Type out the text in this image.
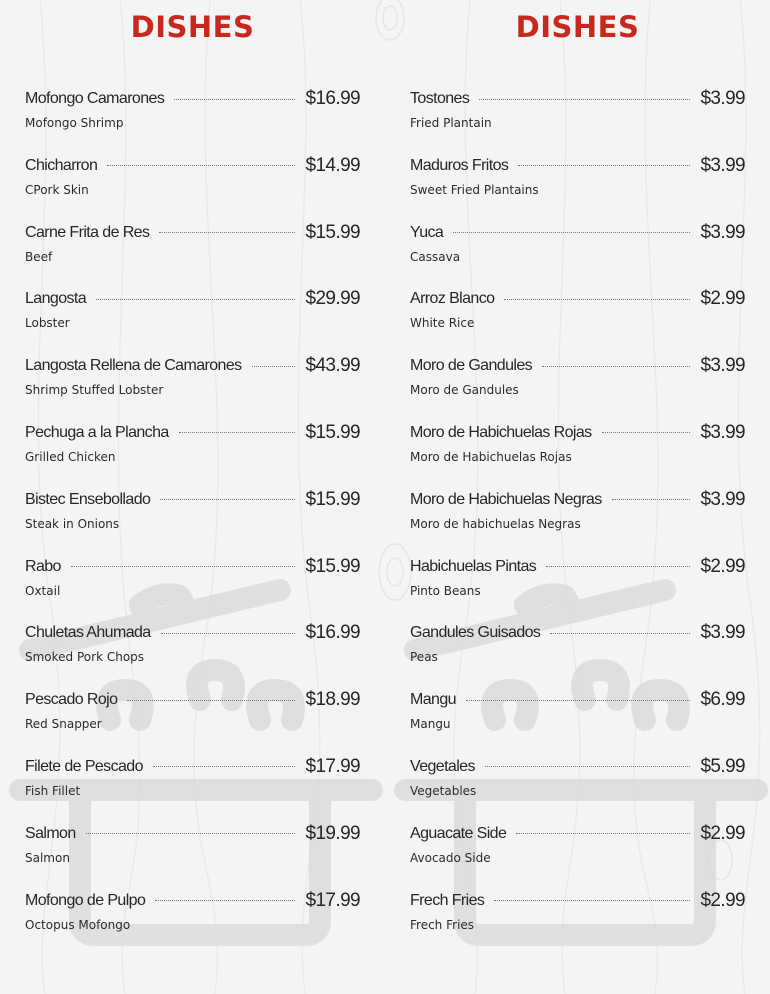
DISHES
Mofongo Camarones	$16.99
Mofongo Shrimp
Chicharron	$14.99
CPork Skin
Carne Frita de Res	$15.99
Beef
Langosta	$29.99
Lobster
Langosta Rellena de Camarones	$43.99
Shrimp Stuffed Lobster
Pechuga a la Plancha	$15.99
Grilled Chicken
Bistec Ensebollado	$15.99
Steak in Onions
Rabo	$15.99
Oxtail
Chuletas Ahumada	$16.99
Smoked Pork Chops
Pescado Rojo	$18.99
Red Snapper
Filete de Pescado	$17.99
Fish Fillet
Salmon	$19.99
Salmon
Mofongo de Pulpo	$17.99
Octopus Mofongo
DISHES
Tostones	$3.99
Fried Plantain
Maduros Fritos	$3.99
Sweet Fried Plantains
Yuca	$3.99
Cassava
Arroz Blanco	$2.99
White Rice
Moro de Gandules	$3.99
Moro de Gandules
Moro de Habichuelas Rojas	$3.99
Moro de Habichuelas Rojas
Moro de Habichuelas Negras	$3.99
Moro de habichuelas Negras
Habichuelas Pintas	$2.99
Pinto Beans
Gandules Guisados	$3.99
Peas
Mangu	$6.99
Mangu
Vegetales	$5.99
Vegetables
Aguacate Side	$2.99
Avocado Side
Frech Fries	$2.99
Frech Fries
